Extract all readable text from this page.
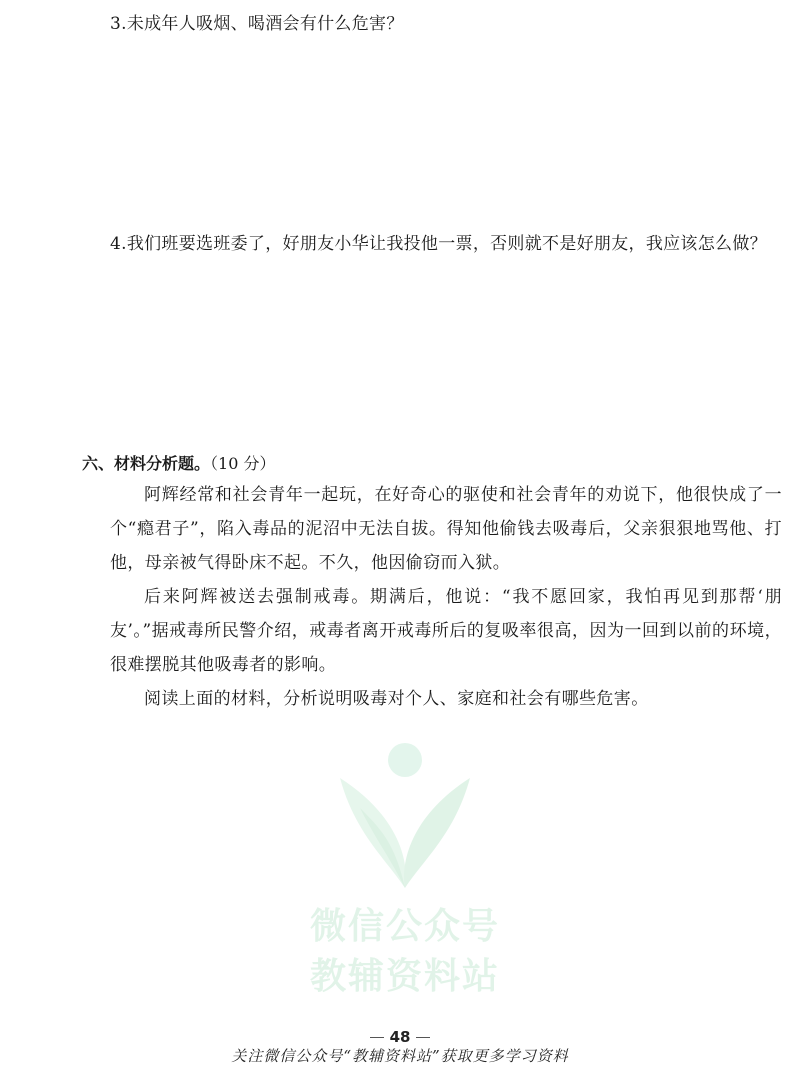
3.未成年人吸烟、喝酒会有什么危害？
4.我们班要选班委了，好朋友小华让我投他一票，否则就不是好朋友，我应该怎么做？
六、材料分析题。（10 分）

阿辉经常和社会青年一起玩，在好奇心的驱使和社会青年的劝说下，他很快成了一个“瘾君子”，陷入毒品的泥沼中无法自拔。得知他偷钱去吸毒后，父亲狠狠地骂他、打他，母亲被气得卧床不起。不久，他因偷窃而入狱。

后来阿辉被送去强制戒毒。期满后，他说：“我不愿回家，我怕再见到那帮‘朋友’。”据戒毒所民警介绍，戒毒者离开戒毒所后的复吸率很高，因为一回到以前的环境，很难摆脱其他吸毒者的影响。

阅读上面的材料，分析说明吸毒对个人、家庭和社会有哪些危害。

微信公众号
教辅资料站
48
关注微信公众号“教辅资料站”获取更多学习资料
